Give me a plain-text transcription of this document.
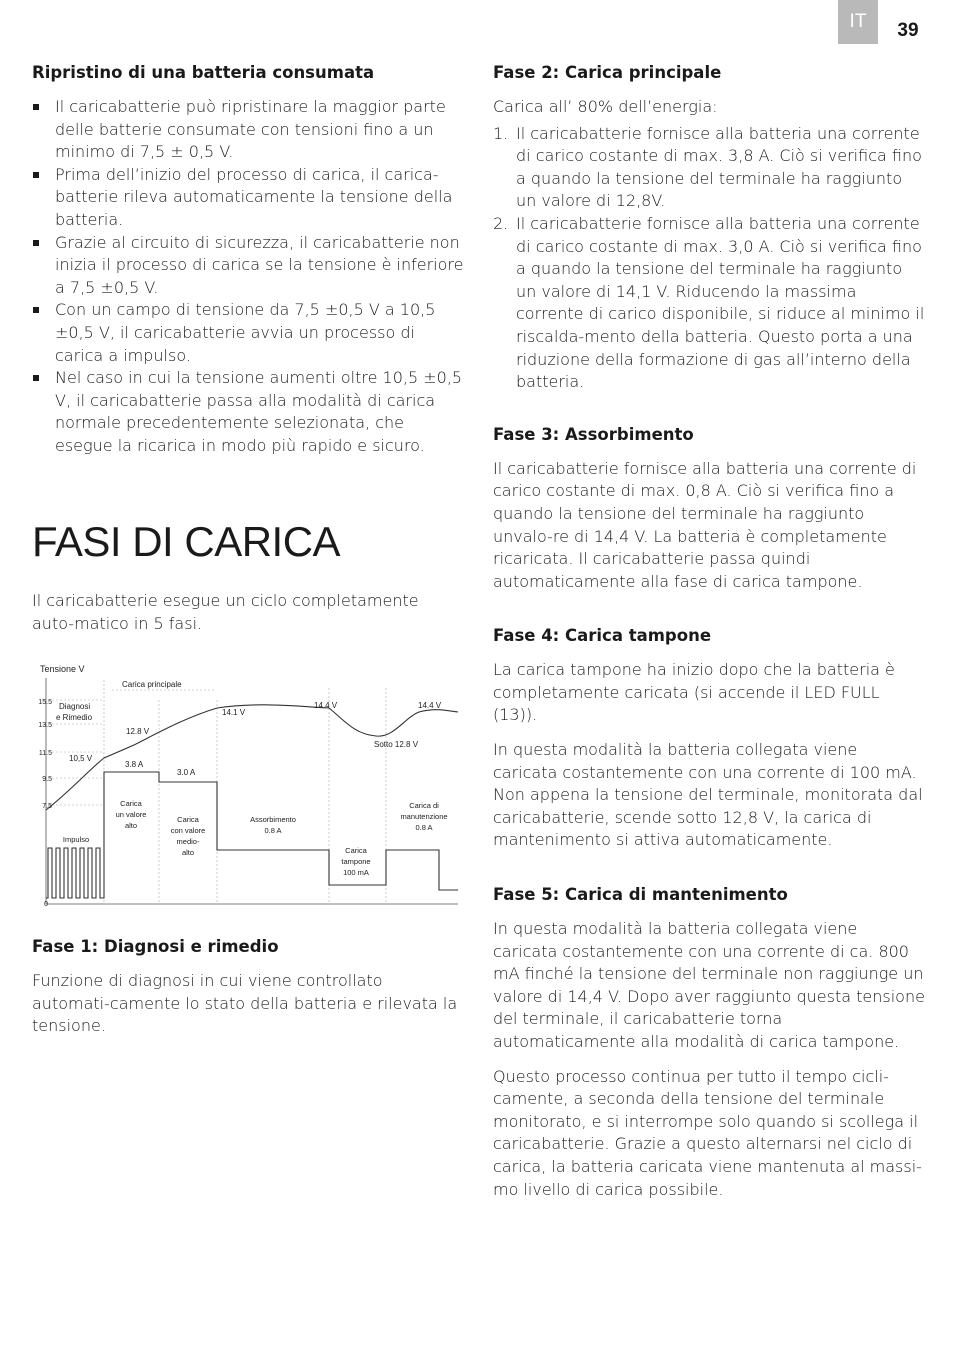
IT	39
Ripristino di una batteria consumata
Il caricabatterie può ripristinare la maggior parte delle batterie consumate con tensioni fino a un minimo di 7,5 ± 0,5 V.
Prima dell’inizio del processo di carica, il carica-batterie rileva automaticamente la tensione della batteria.
Grazie al circuito di sicurezza, il caricabatterie non inizia il processo di carica se la tensione è inferiore a 7,5 ±0,5 V.
Con un campo di tensione da 7,5 ±0,5 V a 10,5 ±0,5 V, il caricabatterie avvia un processo di carica a impulso.
Nel caso in cui la tensione aumenti oltre 10,5 ±0,5 V, il caricabatterie passa alla modalità di carica normale precedentemente selezionata, che esegue la ricarica in modo più rapido e sicuro.
FASI DI CARICA

Il caricabatterie esegue un ciclo completamente auto-matico in 5 fasi.

Tensione V
15.5
13.5
11.5
9.5
7.5
0
Carica principale
Diagnosi
e Rimedio
12.8 V
14.1 V
14.4 V	14.4 V
10,5 V
3.8 A
3.0 A
Sotto 12.8 V
Carica
un valore
alto
Carica
con valore
medio-
alto
Assorbimento
0.8 A
Carica
tampone
100 mA
Carica di
manutenzione
0.8 A
Impulso
Fase 1: Diagnosi e rimedio

Funzione di diagnosi in cui viene controllato automati-camente lo stato della batteria e rilevata la tensione.

Fase 2: Carica principale

Carica all’ 80% dell’energia:

1. Il caricabatterie fornisce alla batteria una corrente di carico costante di max. 3,8 A. Ciò si verifica fino a quando la tensione del terminale ha raggiunto un valore di 12,8V.
2. Il caricabatterie fornisce alla batteria una corrente di carico costante di max. 3,0 A. Ciò si verifica fino a quando la tensione del terminale ha raggiunto un valore di 14,1 V. Riducendo la massima corrente di carico disponibile, si riduce al minimo il riscalda-mento della batteria. Questo porta a una riduzione della formazione di gas all’interno della batteria.
Fase 3: Assorbimento

Il caricabatterie fornisce alla batteria una corrente di carico costante di max. 0,8 A. Ciò si verifica fino a quando la tensione del terminale ha raggiunto unvalo-re di 14,4 V. La batteria è completamente ricaricata. Il caricabatterie passa quindi automaticamente alla fase di carica tampone.

Fase 4: Carica tampone

La carica tampone ha inizio dopo che la batteria è completamente caricata (si accende il LED FULL (13)).

In questa modalità la batteria collegata viene caricata costantemente con una corrente di 100 mA.

Non appena la tensione del terminale, monitorata dal caricabatterie, scende sotto 12,8 V, la carica di mantenimento si attiva automaticamente.

Fase 5: Carica di mantenimento

In questa modalità la batteria collegata viene caricata costantemente con una corrente di ca. 800 mA finché la tensione del terminale non raggiunge un valore di 14,4 V. Dopo aver raggiunto questa tensione del terminale, il caricabatterie torna automaticamente alla modalità di carica tampone.

Questo processo continua per tutto il tempo cicli-camente, a seconda della tensione del terminale monitorato, e si interrompe solo quando si scollega il caricabatterie. Grazie a questo alternarsi nel ciclo di carica, la batteria caricata viene mantenuta al massi-mo livello di carica possibile.
